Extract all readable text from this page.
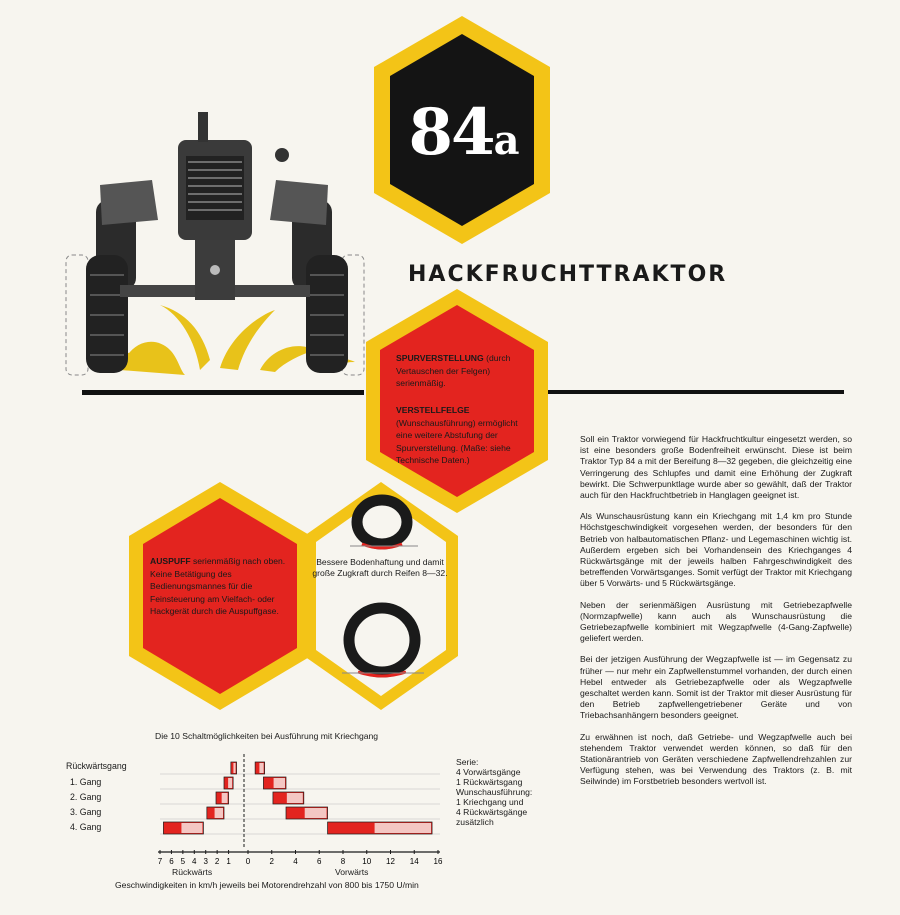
84a
HACKFRUCHTTRAKTOR
SPURVERSTELLUNG (durch Vertauschen der Felgen) serienmäßig.
VERSTELLFELGE (Wunschausführung) ermöglicht eine weitere Abstufung der Spurverstellung. (Maße: siehe Technische Daten.)
AUSPUFF serienmäßig nach oben. Keine Betätigung des Bedienungsmannes für die Feinsteuerung am Vielfach- oder Hackgerät durch die Auspuffgase.
Bessere Bodenhaftung und damit große Zugkraft durch Reifen 8—32.

Soll ein Traktor vorwiegend für Hackfruchtkultur eingesetzt werden, so ist eine besonders große Bodenfreiheit erwünscht. Diese ist beim Traktor Typ 84 a mit der Bereifung 8—32 gegeben, die gleichzeitig eine Verringerung des Schlupfes und damit eine Erhöhung der Zugkraft bewirkt. Die Schwerpunktlage wurde aber so gewählt, daß der Traktor auch für den Hackfruchtbetrieb in Hanglagen geeignet ist.

Als Wunschausrüstung kann ein Kriechgang mit 1,4 km pro Stunde Höchstgeschwindigkeit vorgesehen werden, der besonders für den Betrieb von halbautomatischen Pflanz- und Legemaschinen wichtig ist. Außerdem ergeben sich bei Vorhandensein des Kriechganges 4 Rückwärtsgänge mit der jeweils halben Fahrgeschwindigkeit des betreffenden Vorwärtsganges. Somit verfügt der Traktor mit Kriechgang über 5 Vorwärts- und 5 Rückwärtsgänge.

Neben der serienmäßigen Ausrüstung mit Getriebezapfwelle (Normzapfwelle) kann auch als Wunschausrüstung die Getriebezapfwelle kombiniert mit Wegzapfwelle (4-Gang-Zapfwelle) geliefert werden.

Bei der jetzigen Ausführung der Wegzapfwelle ist — im Gegensatz zu früher — nur mehr ein Zapfwellenstummel vorhanden, der durch einen Hebel entweder als Getriebezapfwelle oder als Wegzapfwelle geschaltet werden kann. Somit ist der Traktor mit dieser Ausrüstung für den Betrieb zapfwellengetriebener Geräte und von Triebachsanhängern besonders geeignet.

Zu erwähnen ist noch, daß Getriebe- und Wegzapfwelle auch bei stehendem Traktor verwendet werden können, so daß für den Stationärantrieb von Geräten verschiedene Zapfwellendrehzahlen zur Verfügung stehen, was bei Verwendung des Traktors (z. B. mit Seilwinde) im Forstbetrieb besonders wertvoll ist.

Die 10 Schaltmöglichkeiten bei Ausführung mit Kriechgang
Rückwärtsgang
1. Gang
2. Gang
3. Gang
4. Gang
7 6 5 4 3 2 1 0 2 4 6 8 10 12 14 16
Serie:
4 Vorwärtsgänge
1 Rückwärtsgang
Wunschausführung:
1 Kriechgang und
4 Rückwärtsgänge
zusätzlich
Rückwärts	Vorwärts
Geschwindigkeiten in km/h jeweils bei Motorendrehzahl von 800 bis 1750 U/min
